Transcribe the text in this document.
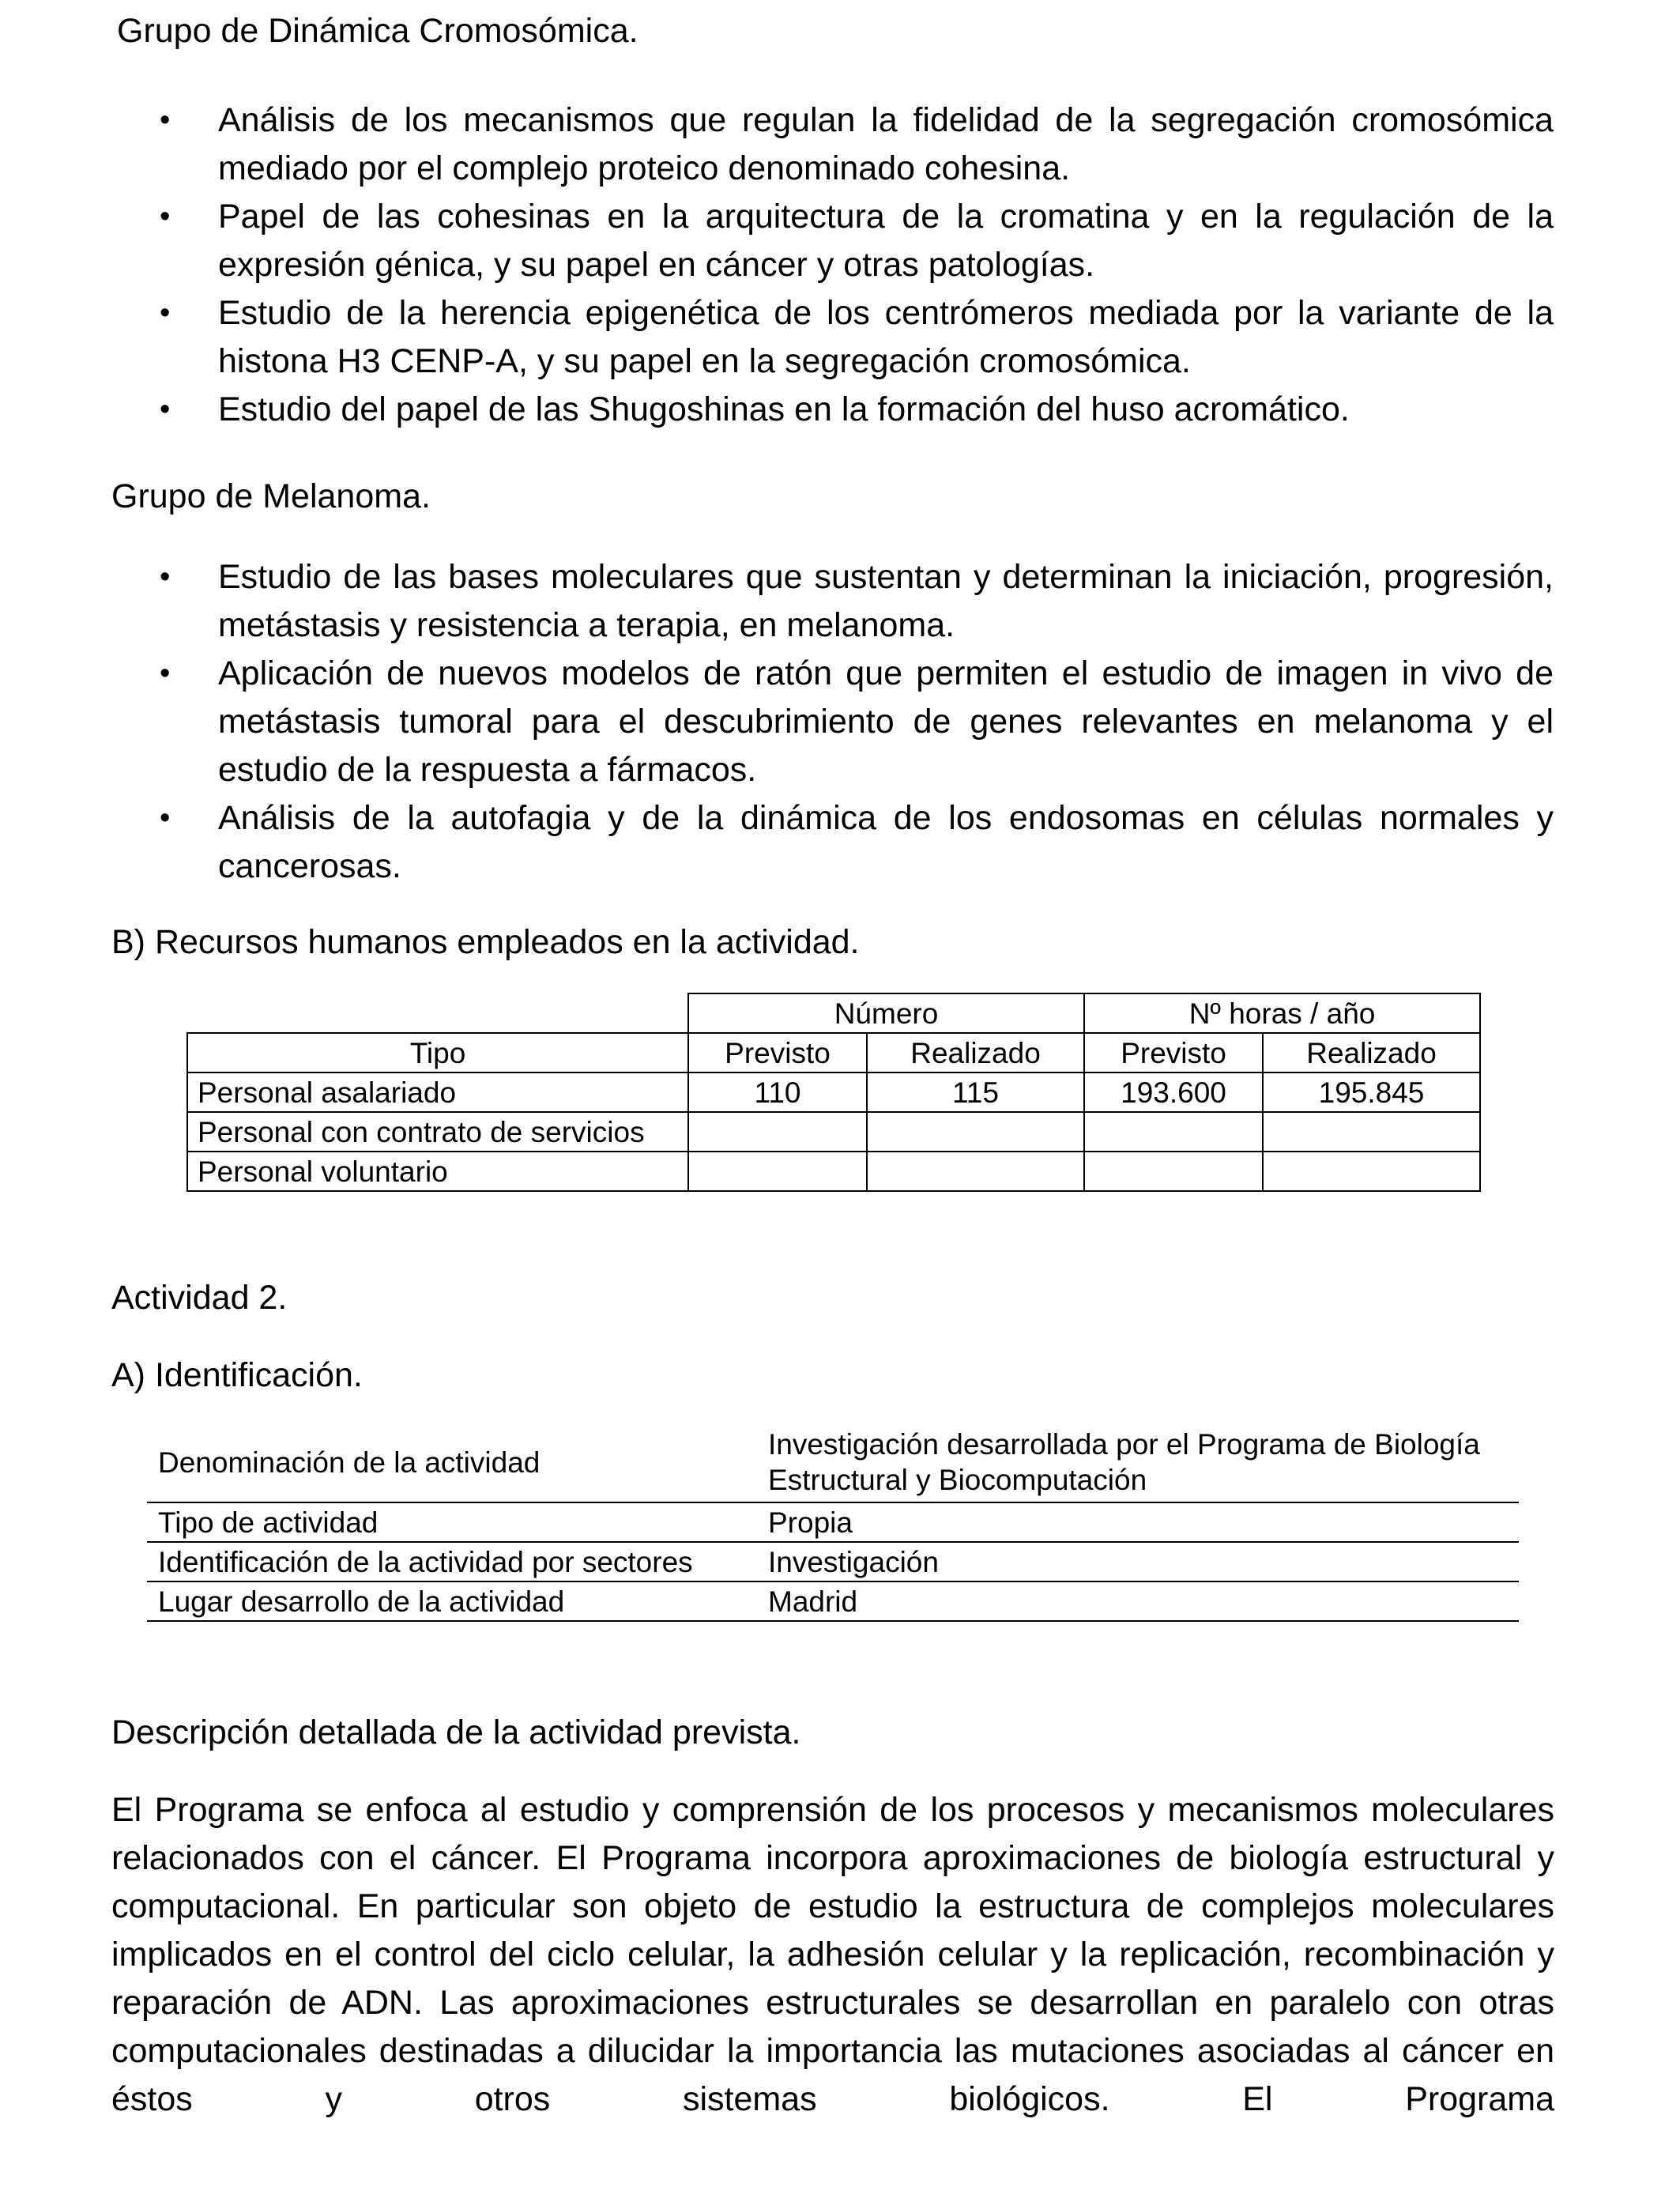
Grupo de Dinámica Cromosómica.
• Análisis de los mecanismos que regulan la fidelidad de la segregación cromosómica mediado por el complejo proteico denominado cohesina.
• Papel de las cohesinas en la arquitectura de la cromatina y en la regulación de la expresión génica, y su papel en cáncer y otras patologías.
• Estudio de la herencia epigenética de los centrómeros mediada por la variante de la histona H3 CENP-A, y su papel en la segregación cromosómica.
• Estudio del papel de las Shugoshinas en la formación del huso acromático.
Grupo de Melanoma.
• Estudio de las bases moleculares que sustentan y determinan la iniciación, progresión, metástasis y resistencia a terapia, en melanoma.
• Aplicación de nuevos modelos de ratón que permiten el estudio de imagen in vivo de metástasis tumoral para el descubrimiento de genes relevantes en melanoma y el estudio de la respuesta a fármacos.
• Análisis de la autofagia y de la dinámica de los endosomas en células normales y cancerosas.
B) Recursos humanos empleados en la actividad.
	Número		Nº horas / año	
Tipo	Previsto	Realizado	Previsto	Realizado
Personal asalariado	110	115	193.600	195.845
Personal con contrato de servicios				
Personal voluntario				
Actividad 2.
A) Identificación.
Denominación de la actividad	Investigación desarrollada por el Programa de Biología Estructural y Biocomputación
Tipo de actividad	Propia
Identificación de la actividad por sectores	Investigación
Lugar desarrollo de la actividad	Madrid
Descripción detallada de la actividad prevista.

El Programa se enfoca al estudio y comprensión de los procesos y mecanismos moleculares relacionados con el cáncer. El Programa incorpora aproximaciones de biología estructural y computacional. En particular son objeto de estudio la estructura de complejos moleculares implicados en el control del ciclo celular, la adhesión celular y la replicación, recombinación y reparación de ADN. Las aproximaciones estructurales se desarrollan en paralelo con otras computacionales destinadas a dilucidar la importancia las mutaciones asociadas al cáncer en éstos y otros sistemas biológicos. El Programa
